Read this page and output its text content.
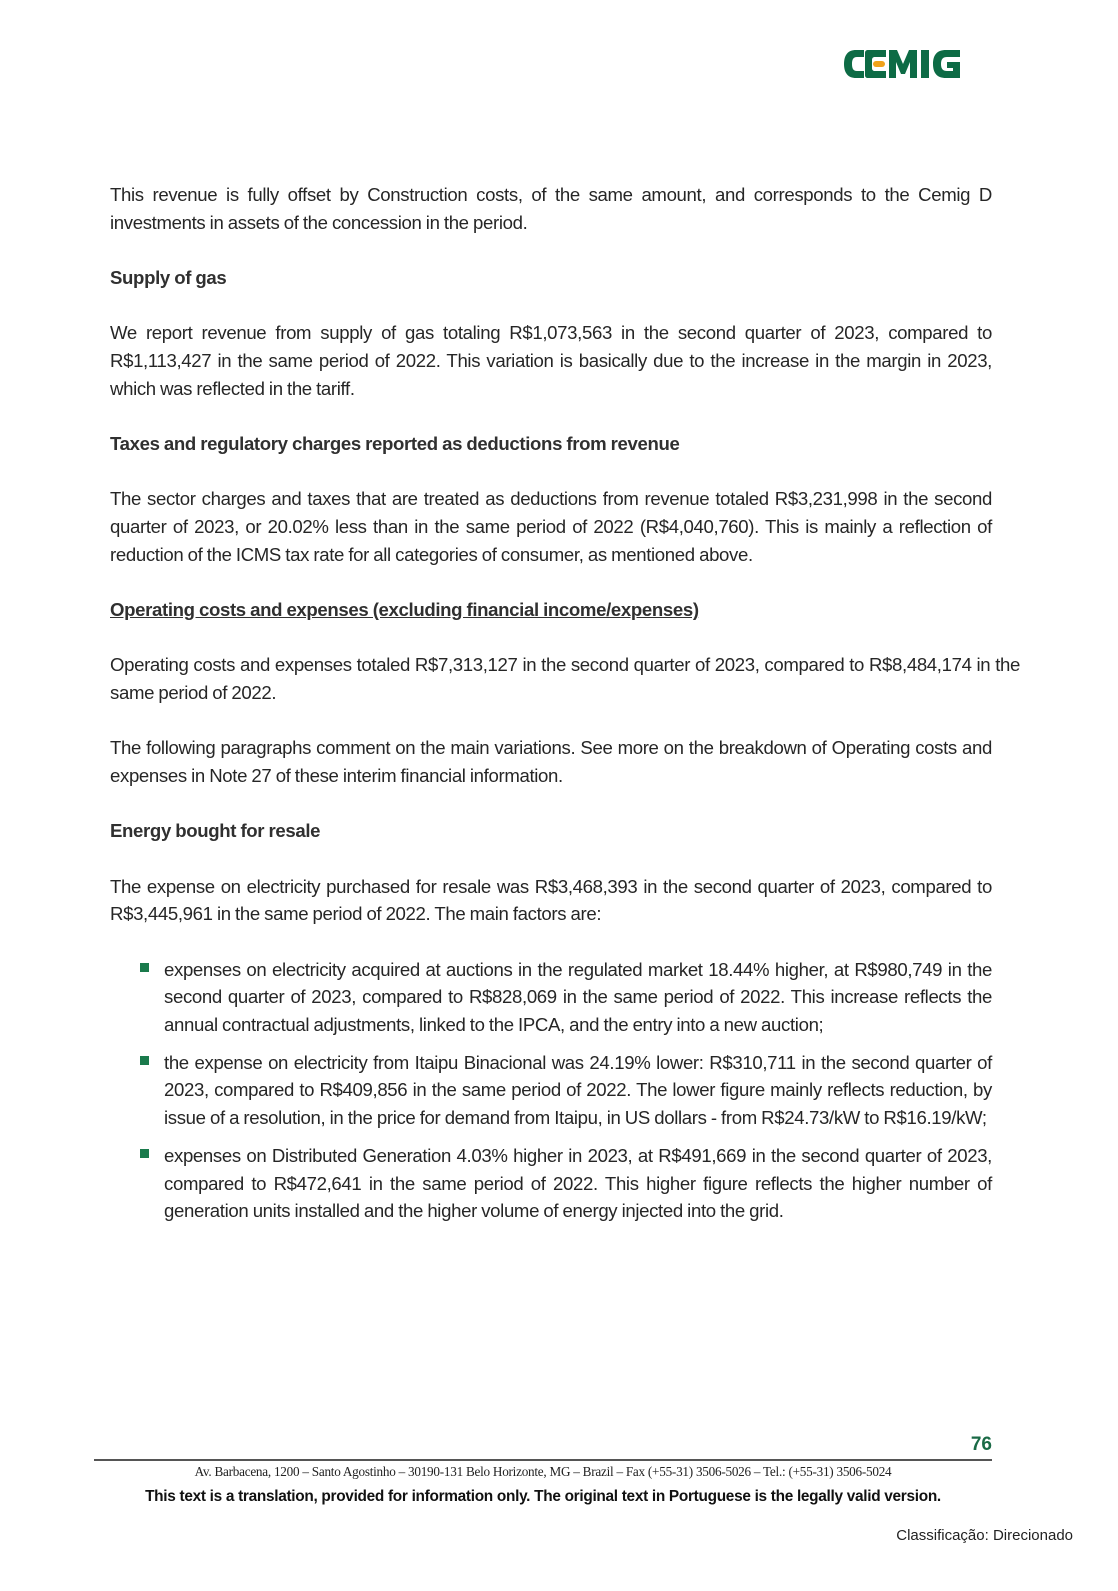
This revenue is fully offset by Construction costs, of the same amount, and corresponds to the Cemig D investments in assets of the concession in the period.

Supply of gas

We report revenue from supply of gas totaling R$1,073,563 in the second quarter of 2023, compared to R$1,113,427 in the same period of 2022. This variation is basically due to the increase in the margin in 2023, which was reflected in the tariff.

Taxes and regulatory charges reported as deductions from revenue

The sector charges and taxes that are treated as deductions from revenue totaled R$3,231,998 in the second quarter of 2023, or 20.02% less than in the same period of 2022 (R$4,040,760). This is mainly a reflection of reduction of the ICMS tax rate for all categories of consumer, as mentioned above.

Operating costs and expenses (excluding financial income/expenses)

Operating costs and expenses totaled R$7,313,127 in the second quarter of 2023, compared to R$8,484,174 in the same period of 2022.

The following paragraphs comment on the main variations. See more on the breakdown of Operating costs and expenses in Note 27 of these interim financial information.

Energy bought for resale

The expense on electricity purchased for resale was R$3,468,393 in the second quarter of 2023, compared to R$3,445,961 in the same period of 2022. The main factors are:

expenses on electricity acquired at auctions in the regulated market 18.44% higher, at R$980,749 in the second quarter of 2023, compared to R$828,069 in the same period of 2022. This increase reflects the annual contractual adjustments, linked to the IPCA, and the entry into a new auction;
the expense on electricity from Itaipu Binacional was 24.19% lower: R$310,711 in the second quarter of 2023, compared to R$409,856 in the same period of 2022. The lower figure mainly reflects reduction, by issue of a resolution, in the price for demand from Itaipu, in US dollars - from R$24.73/kW to R$16.19/kW;
expenses on Distributed Generation 4.03% higher in 2023, at R$491,669 in the second quarter of 2023, compared to R$472,641 in the same period of 2022. This higher figure reflects the higher number of generation units installed and the higher volume of energy injected into the grid.
76
Av. Barbacena, 1200 – Santo Agostinho – 30190-131 Belo Horizonte, MG – Brazil – Fax (+55-31) 3506-5026 – Tel.: (+55-31) 3506-5024
This text is a translation, provided for information only. The original text in Portuguese is the legally valid version.
Classificação: Direcionado
